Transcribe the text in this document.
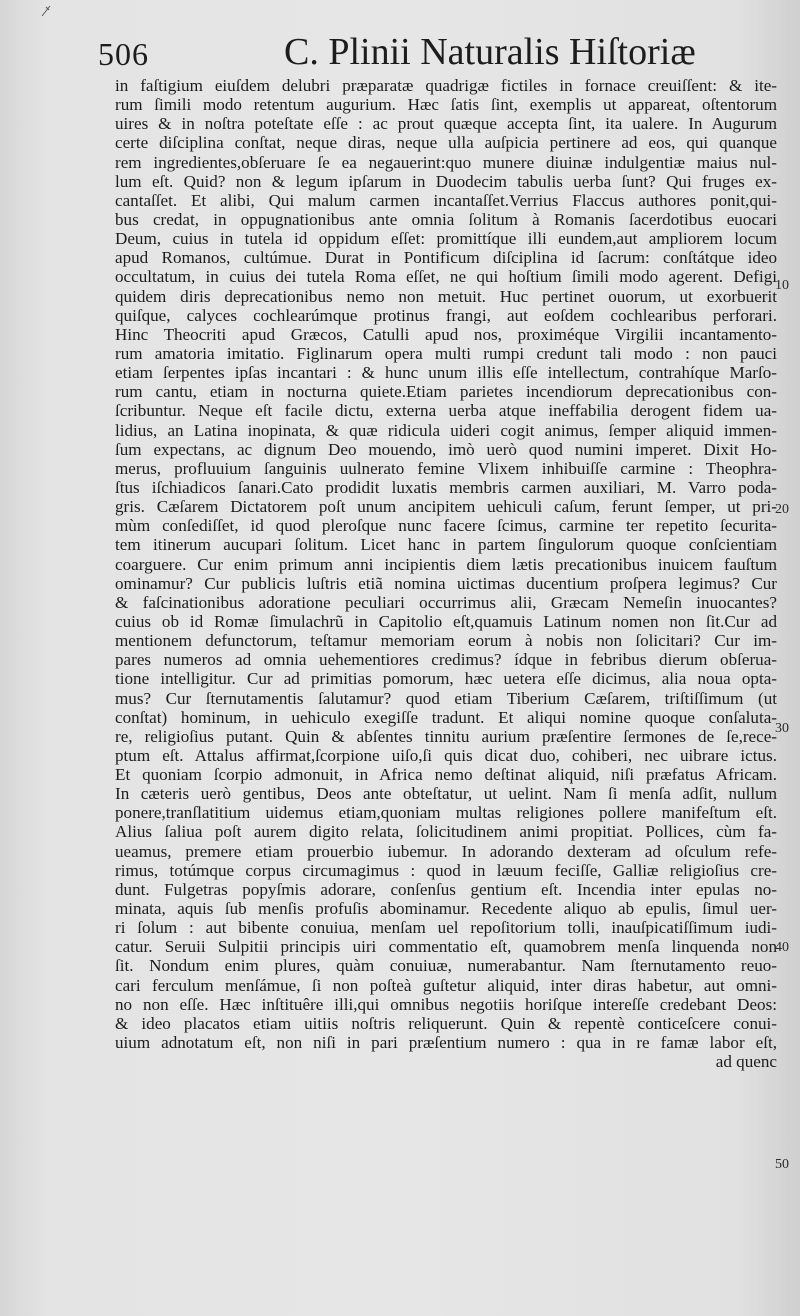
506	C. Plinii Naturalis Hiſtoriæ
in faſtigium eiuſdem delubri præparatæ quadrigæ fictiles in fornace creuiſſent: & ite-
rum ſimili modo retentum augurium. Hæc ſatis ſint, exemplis ut appareat, oſtentorum
uires & in noſtra poteſtate eſſe : ac prout quæque accepta ſint, ita ualere. In Augurum
certe diſciplina conſtat, neque diras, neque ulla auſpicia pertinere ad eos, qui quanque
rem ingredientes,obſeruare ſe ea negauerint:quo munere diuinæ indulgentiæ maius nul-
lum eſt. Quid? non & legum ipſarum in Duodecim tabulis uerba ſunt? Qui fruges ex-
cantaſſet. Et alibi, Qui malum carmen incantaſſet.Verrius Flaccus authores ponit,qui-
bus credat, in oppugnationibus ante omnia ſolitum à Romanis ſacerdotibus euocari
Deum, cuius in tutela id oppidum eſſet: promittíque illi eundem,aut ampliorem locum
apud Romanos, cultúmue. Durat in Pontificum diſciplina id ſacrum: conſtátque ideo
occultatum, in cuius dei tutela Roma eſſet, ne qui hoſtium ſimili modo agerent. Defigi
quidem diris deprecationibus nemo non metuit. Huc pertinet ouorum, ut exorbuerit
quiſque, calyces cochlearúmque protinus frangi, aut eoſdem cochlearibus perforari.
Hinc Theocriti apud Græcos, Catulli apud nos, proximéque Virgilii incantamento-
rum amatoria imitatio. Figlinarum opera multi rumpi credunt tali modo : non pauci
etiam ſerpentes ipſas incantari : & hunc unum illis eſſe intellectum, contrahíque Marſo-
rum cantu, etiam in nocturna quiete.Etiam parietes incendiorum deprecationibus con-
ſcribuntur. Neque eſt facile dictu, externa uerba atque ineffabilia derogent fidem ua-
lidius, an Latina inopinata, & quæ ridicula uideri cogit animus, ſemper aliquid immen-
ſum expectans, ac dignum Deo mouendo, imò uerò quod numini imperet. Dixit Ho-
merus, profluuium ſanguinis uulnerato femine Vlixem inhibuiſſe carmine : Theophra-
ſtus iſchiadicos ſanari.Cato prodidit luxatis membris carmen auxiliari, M. Varro poda-
gris. Cæſarem Dictatorem poſt unum ancipitem uehiculi caſum, ferunt ſemper, ut pri-
mùm conſediſſet, id quod pleroſque nunc facere ſcimus, carmine ter repetito ſecurita-
tem itinerum aucupari ſolitum. Licet hanc in partem ſingulorum quoque conſcientiam
coarguere. Cur enim primum anni incipientis diem lætis precationibus inuicem fauſtum
ominamur? Cur publicis luſtris etiã nomina uictimas ducentium proſpera legimus? Cur
& faſcinationibus adoratione peculiari occurrimus alii, Græcam Nemeſin inuocantes?
cuius ob id Romæ ſimulachrũ in Capitolio eſt,quamuis Latinum nomen non ſit.Cur ad
mentionem defunctorum, teſtamur memoriam eorum à nobis non ſolicitari? Cur im-
pares numeros ad omnia uehementiores credimus? ídque in febribus dierum obſerua-
tione intelligitur. Cur ad primitias pomorum, hæc uetera eſſe dicimus, alia noua opta-
mus? Cur ſternutamentis ſalutamur? quod etiam Tiberium Cæſarem, triſtiſſimum (ut
conſtat) hominum, in uehiculo exegiſſe tradunt. Et aliqui nomine quoque conſaluta-
re, religioſius putant. Quin & abſentes tinnitu aurium præſentire ſermones de ſe,rece-
ptum eſt. Attalus affirmat,ſcorpione uiſo,ſi quis dicat duo, cohiberi, nec uibrare ictus.
Et quoniam ſcorpio admonuit, in Africa nemo deſtinat aliquid, niſi præfatus Africam.
In cæteris uerò gentibus, Deos ante obteſtatur, ut uelint. Nam ſi menſa adſit, nullum
ponere,tranſlatitium uidemus etiam,quoniam multas religiones pollere manifeſtum eſt.
Alius ſaliua poſt aurem digito relata, ſolicitudinem animi propitiat. Pollices, cùm fa-
ueamus, premere etiam prouerbio iubemur. In adorando dexteram ad oſculum refe-
rimus, totúmque corpus circumagimus : quod in læuum feciſſe, Galliæ religioſius cre-
dunt. Fulgetras popyſmis adorare, conſenſus gentium eſt. Incendia inter epulas no-
minata, aquis ſub menſis profuſis abominamur. Recedente aliquo ab epulis, ſimul uer-
ri ſolum : aut bibente conuiua, menſam uel repoſitorium tolli, inauſpicatiſſimum iudi-
catur. Seruii Sulpitii principis uiri commentatio eſt, quamobrem menſa linquenda non
ſit. Nondum enim plures, quàm conuiuæ, numerabantur. Nam ſternutamento reuo-
cari ferculum menſámue, ſi non poſteà guſtetur aliquid, inter diras habetur, aut omni-
no non eſſe. Hæc inſtituêre illi,qui omnibus negotiis horiſque intereſſe credebant Deos:
& ideo placatos etiam uitiis noſtris reliquerunt. Quin & repentè conticeſcere conui-
uium adnotatum eſt, non niſi in pari præſentium numero : qua in re famæ labor eſt,
ad quenc
10
20
30
40
50
